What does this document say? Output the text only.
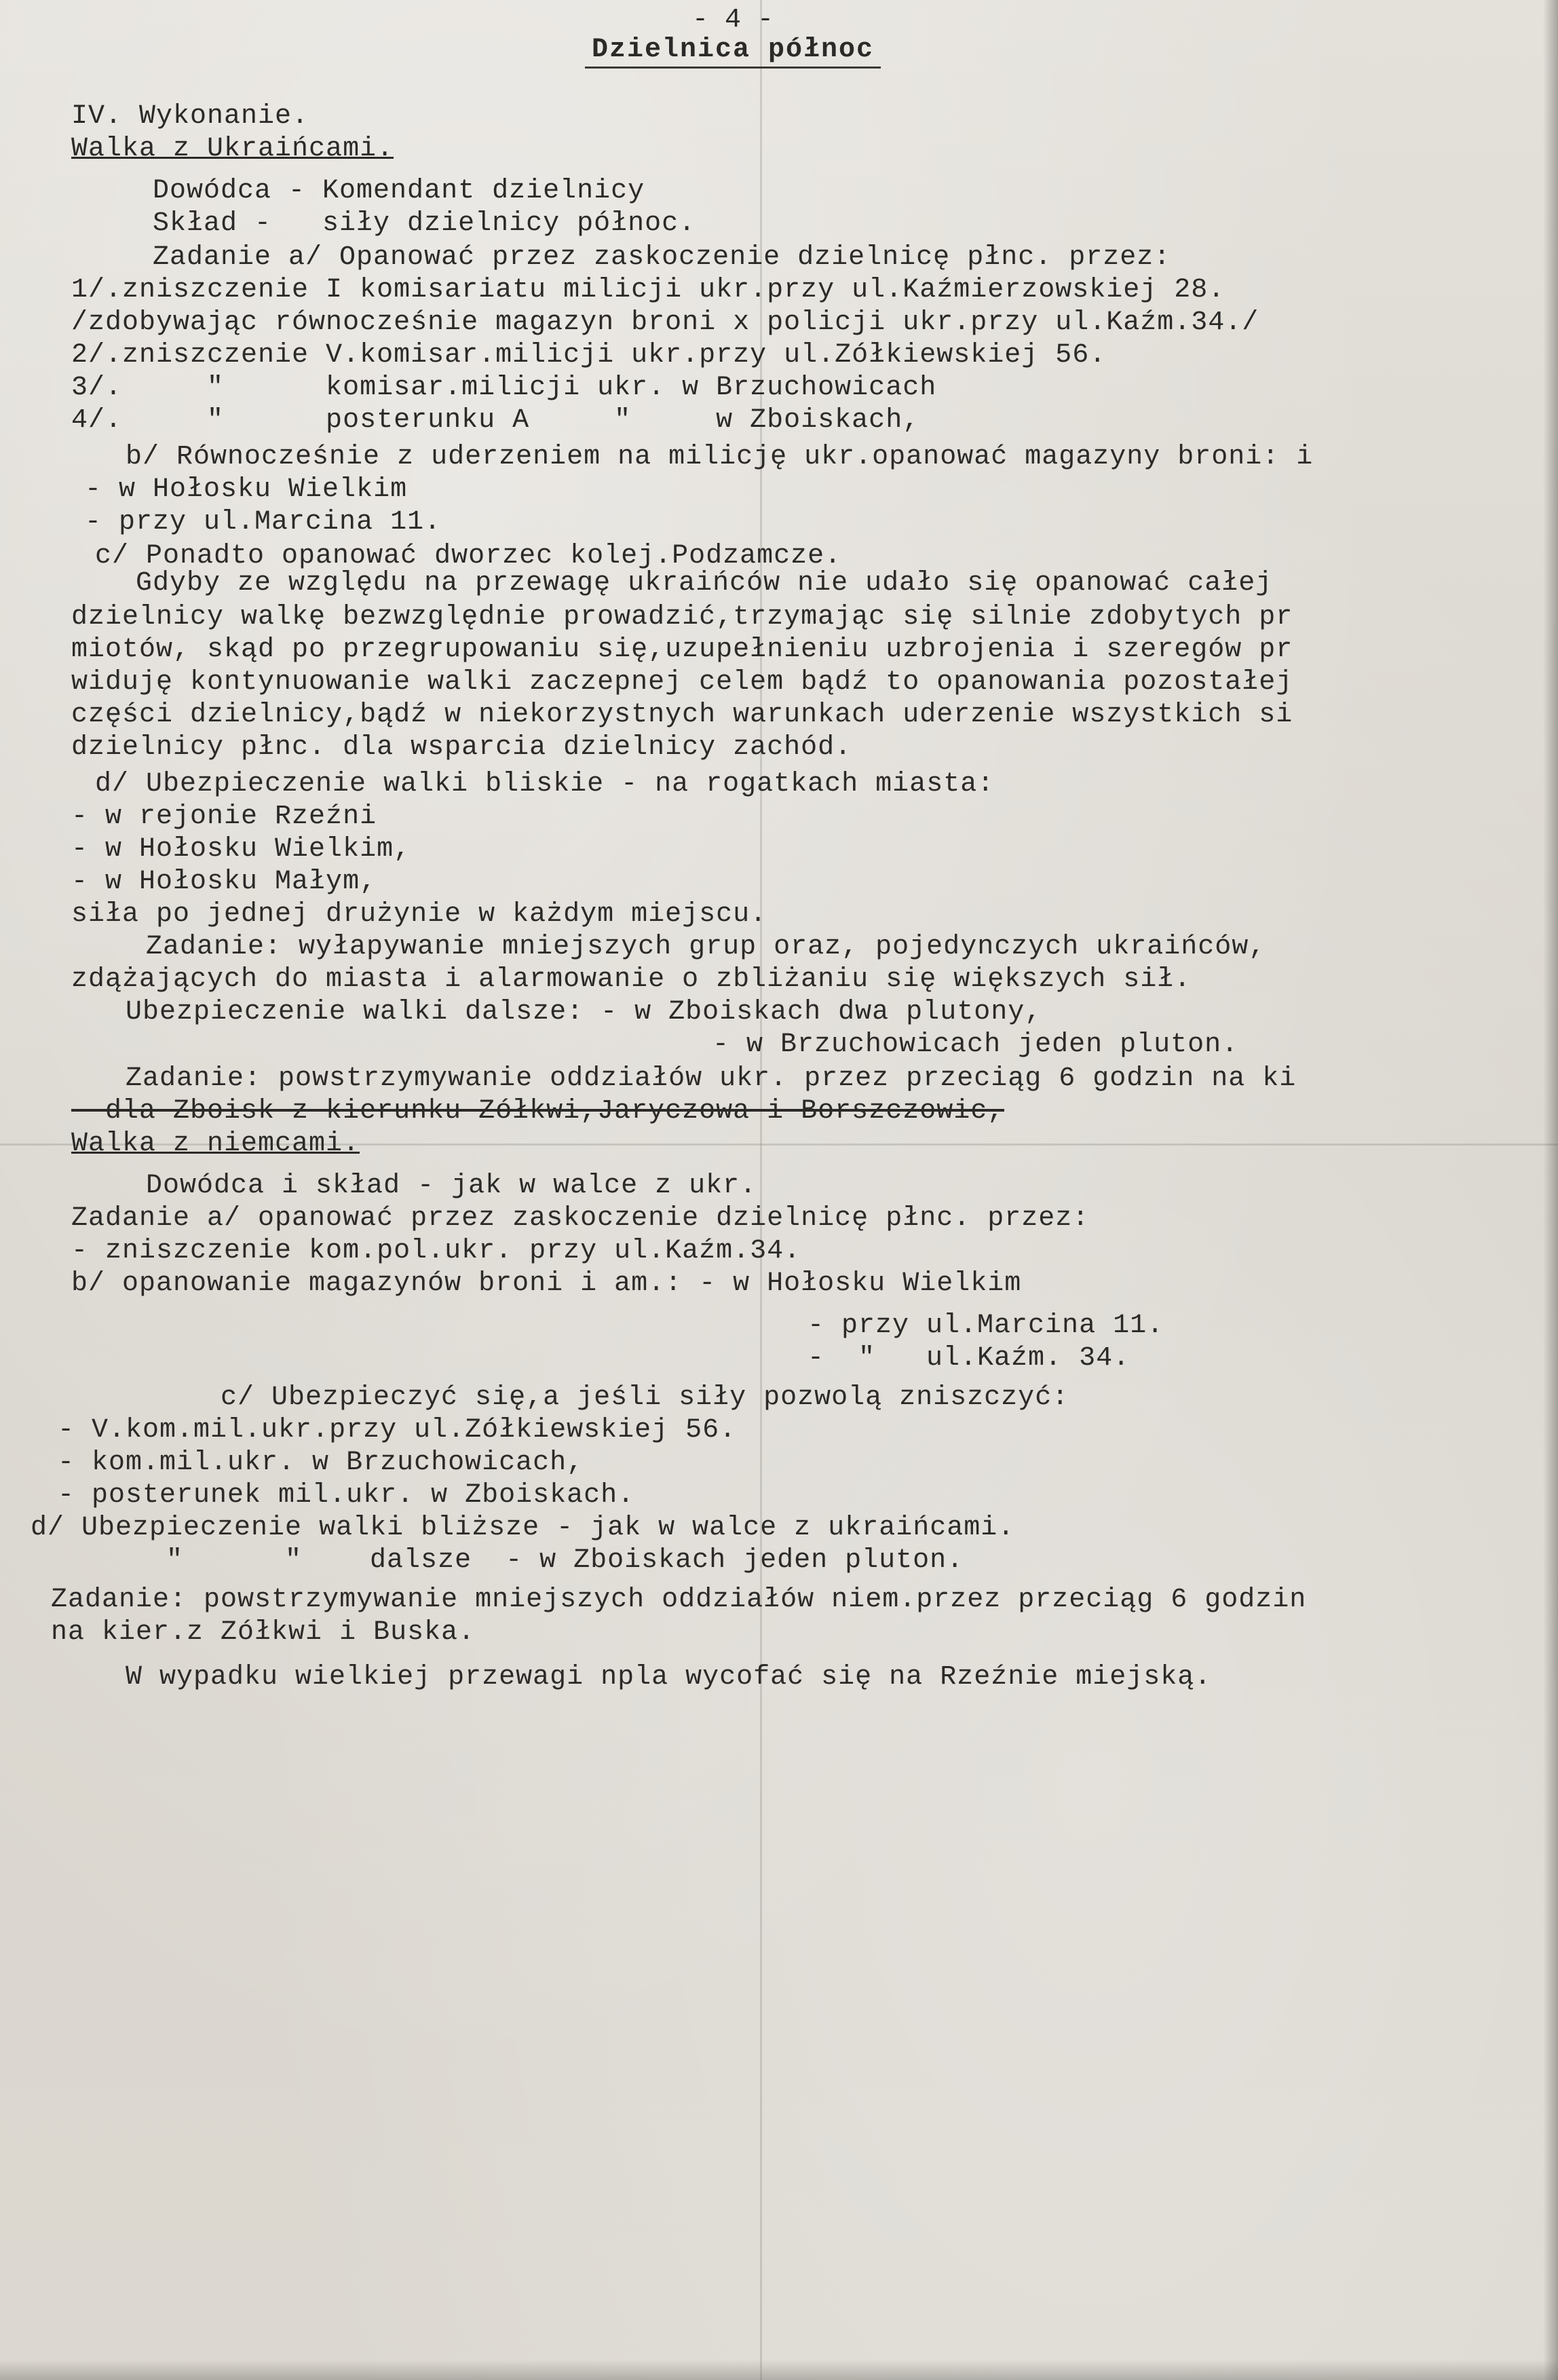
- 4 -
Dzielnica północ
IV. Wykonanie.
Walka z Ukraińcami.
Dowódca - Komendant dzielnicy
Skład -   siły dzielnicy północ.
Zadanie a/ Opanować przez zaskoczenie dzielnicę płnc. przez:
1/.zniszczenie I komisariatu milicji ukr.przy ul.Kaźmierzowskiej 28.
/zdobywając równocześnie magazyn broni x policji ukr.przy ul.Kaźm.34./
2/.zniszczenie V.komisar.milicji ukr.przy ul.Zółkiewskiej 56.
3/.     "      komisar.milicji ukr. w Brzuchowicach
4/.     "      posterunku A     "     w Zboiskach,
b/ Równocześnie z uderzeniem na milicję ukr.opanować magazyny broni: i
- w Hołosku Wielkim
- przy ul.Marcina 11.
c/ Ponadto opanować dworzec kolej.Podzamcze.
Gdyby ze względu na przewagę ukraińców nie udało się opanować całej
dzielnicy walkę bezwzględnie prowadzić,trzymając się silnie zdobytych pr
miotów, skąd po przegrupowaniu się,uzupełnieniu uzbrojenia i szeregów pr
widuję kontynuowanie walki zaczepnej celem bądź to opanowania pozostałej
części dzielnicy,bądź w niekorzystnych warunkach uderzenie wszystkich si
dzielnicy płnc. dla wsparcia dzielnicy zachód.
d/ Ubezpieczenie walki bliskie - na rogatkach miasta:
- w rejonie Rzeźni
- w Hołosku Wielkim,
- w Hołosku Małym,
siła po jednej drużynie w każdym miejscu.
Zadanie: wyłapywanie mniejszych grup oraz, pojedynczych ukraińców,
zdążających do miasta i alarmowanie o zbliżaniu się większych sił.
Ubezpieczenie walki dalsze: - w Zboiskach dwa plutony,
- w Brzuchowicach jeden pluton.
Zadanie: powstrzymywanie oddziałów ukr. przez przeciąg 6 godzin na ki
- dla Zboisk z kierunku Zółkwi,Jaryczowa i Borszczowic,
Walka z niemcami.
Dowódca i skład - jak w walce z ukr.
Zadanie a/ opanować przez zaskoczenie dzielnicę płnc. przez:
- zniszczenie kom.pol.ukr. przy ul.Kaźm.34.
b/ opanowanie magazynów broni i am.: - w Hołosku Wielkim
- przy ul.Marcina 11.
-  "   ul.Kaźm. 34.
c/ Ubezpieczyć się,a jeśli siły pozwolą zniszczyć:
- V.kom.mil.ukr.przy ul.Zółkiewskiej 56.
- kom.mil.ukr. w Brzuchowicach,
- posterunek mil.ukr. w Zboiskach.
d/ Ubezpieczenie walki bliższe - jak w walce z ukraińcami.
"      "    dalsze  - w Zboiskach jeden pluton.
Zadanie: powstrzymywanie mniejszych oddziałów niem.przez przeciąg 6 godzin
na kier.z Zółkwi i Buska.
W wypadku wielkiej przewagi npla wycofać się na Rzeźnie miejską.
